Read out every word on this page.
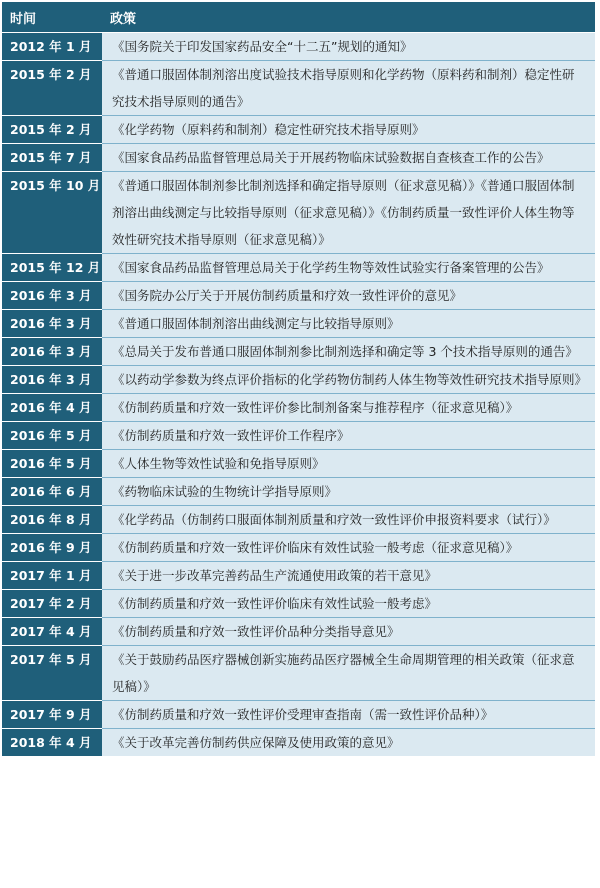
时间	政策
2012 年 1 月	《国务院关于印发国家药品安全“十二五”规划的通知》
2015 年 2 月	《普通口服固体制剂溶出度试验技术指导原则和化学药物（原料药和制剂）稳定性研究技术指导原则的通告》
2015 年 2 月	《化学药物（原料药和制剂）稳定性研究技术指导原则》
2015 年 7 月	《国家食品药品监督管理总局关于开展药物临床试验数据自查核查工作的公告》
2015 年 10 月	《普通口服固体制剂参比制剂选择和确定指导原则（征求意见稿）》《普通口服固体制剂溶出曲线测定与比较指导原则（征求意见稿）》《仿制药质量一致性评价人体生物等效性研究技术指导原则（征求意见稿）》
2015 年 12 月	《国家食品药品监督管理总局关于化学药生物等效性试验实行备案管理的公告》
2016 年 3 月	《国务院办公厅关于开展仿制药质量和疗效一致性评价的意见》
2016 年 3 月	《普通口服固体制剂溶出曲线测定与比较指导原则》
2016 年 3 月	《总局关于发布普通口服固体制剂参比制剂选择和确定等 3 个技术指导原则的通告》
2016 年 3 月	《以药动学参数为终点评价指标的化学药物仿制药人体生物等效性研究技术指导原则》
2016 年 4 月	《仿制药质量和疗效一致性评价参比制剂备案与推荐程序（征求意见稿）》
2016 年 5 月	《仿制药质量和疗效一致性评价工作程序》
2016 年 5 月	《人体生物等效性试验和免指导原则》
2016 年 6 月	《药物临床试验的生物统计学指导原则》
2016 年 8 月	《化学药品（仿制药口服面体制剂质量和疗效一致性评价申报资料要求（试行）》
2016 年 9 月	《仿制药质量和疗效一致性评价临床有效性试验一般考虑（征求意见稿）》
2017 年 1 月	《关于进一步改革完善药品生产流通使用政策的若干意见》
2017 年 2 月	《仿制药质量和疗效一致性评价临床有效性试验一般考虑》
2017 年 4 月	《仿制药质量和疗效一致性评价品种分类指导意见》
2017 年 5 月	《关于鼓励药品医疗器械创新实施药品医疗器械全生命周期管理的相关政策（征求意见稿）》
2017 年 9 月	《仿制药质量和疗效一致性评价受理审查指南（需一致性评价品种）》
2018 年 4 月	《关于改革完善仿制药供应保障及使用政策的意见》
